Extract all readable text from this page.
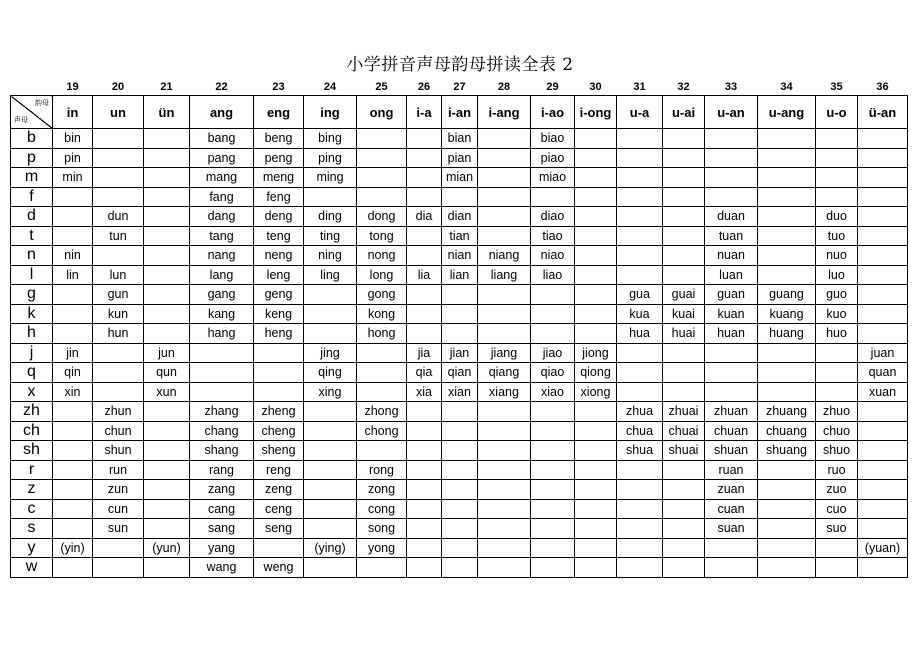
小学拼音声母韵母拼读全表 2
	19	20	21	22	23	24	25	26	27	28	29	30	31	32	33	34	35	36

韵母
声母	in	un	ün	ang	eng	ing	ong	i-a	i-an	i-ang	i-ao	i-ong	u-a	u-ai	u-an	u-ang	u-o	ü-an
b	bin			bang	beng	bing			bian		biao							
p	pin			pang	peng	ping			pian		piao							
m	min			mang	meng	ming			mian		miao							
f				fang	feng													
d		dun		dang	deng	ding	dong	dia	dian		diao				duan		duo	
t		tun		tang	teng	ting	tong		tian		tiao				tuan		tuo	
n	nin			nang	neng	ning	nong		nian	niang	niao				nuan		nuo	
l	lin	lun		lang	leng	ling	long	lia	lian	liang	liao				luan		luo	
g		gun		gang	geng		gong						gua	guai	guan	guang	guo	
k		kun		kang	keng		kong						kua	kuai	kuan	kuang	kuo	
h		hun		hang	heng		hong						hua	huai	huan	huang	huo	
j	jin		jun			jing		jia	jian	jiang	jiao	jiong						juan
q	qin		qun			qing		qia	qian	qiang	qiao	qiong						quan
x	xin		xun			xing		xia	xian	xiang	xiao	xiong						xuan
zh		zhun		zhang	zheng		zhong						zhua	zhuai	zhuan	zhuang	zhuo	
ch		chun		chang	cheng		chong						chua	chuai	chuan	chuang	chuo	
sh		shun		shang	sheng								shua	shuai	shuan	shuang	shuo	
r		run		rang	reng		rong								ruan		ruo	
z		zun		zang	zeng		zong								zuan		zuo	
c		cun		cang	ceng		cong								cuan		cuo	
s		sun		sang	seng		song								suan		suo	
y	(yin)		(yun)	yang		(ying)	yong											(yuan)
w				wang	weng													
